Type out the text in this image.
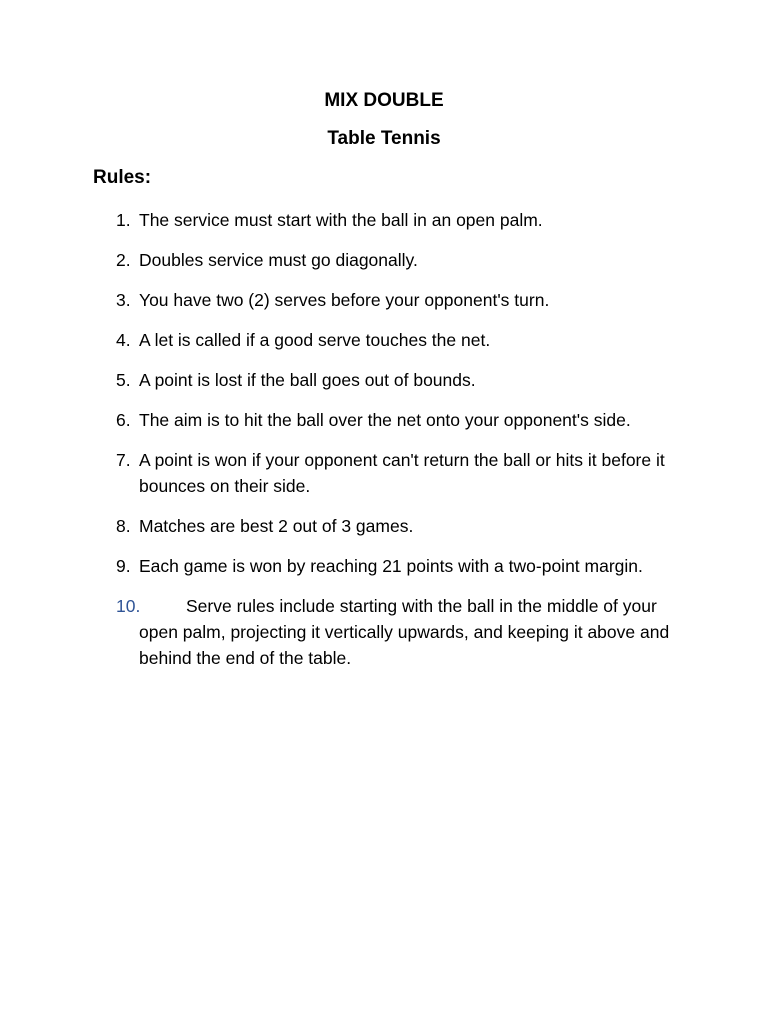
MIX DOUBLE
Table Tennis
Rules:
1. The service must start with the ball in an open palm.
2. Doubles service must go diagonally.
3. You have two (2) serves before your opponent's turn.
4. A let is called if a good serve touches the net.
5. A point is lost if the ball goes out of bounds.
6. The aim is to hit the ball over the net onto your opponent's side.
7. A point is won if your opponent can't return the ball or hits it before it bounces on their side.
8. Matches are best 2 out of 3 games.
9. Each game is won by reaching 21 points with a two-point margin.
10.	Serve rules include starting with the ball in the middle of your open palm, projecting it vertically upwards, and keeping it above and behind the end of the table.
